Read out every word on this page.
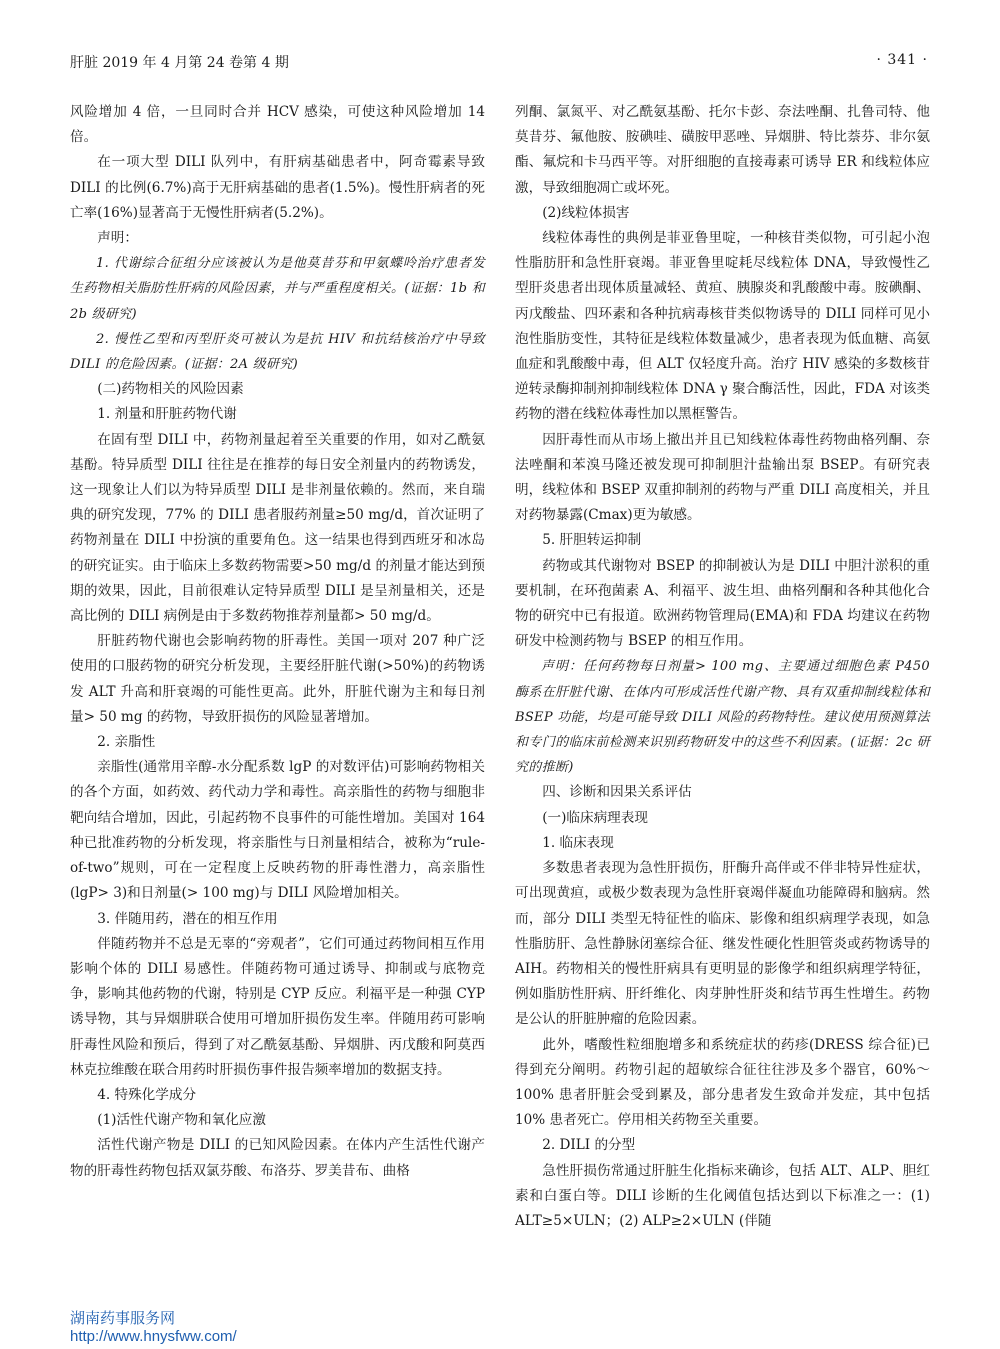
肝脏 2019 年 4 月第 24 卷第 4 期	· 341 ·
风险增加 4 倍，一旦同时合并 HCV 感染，可使这种风险增加 14 倍。
在一项大型 DILI 队列中，有肝病基础患者中，阿奇霉素导致 DILI 的比例(6.7%)高于无肝病基础的患者(1.5%)。慢性肝病者的死亡率(16%)显著高于无慢性肝病者(5.2%)。
声明：
1. 代谢综合征组分应该被认为是他莫昔芬和甲氨蝶呤治疗患者发生药物相关脂肪性肝病的风险因素，并与严重程度相关。(证据：1b 和 2b 级研究)
2. 慢性乙型和丙型肝炎可被认为是抗 HIV 和抗结核治疗中导致 DILI 的危险因素。(证据：2A 级研究)
(二)药物相关的风险因素
1. 剂量和肝脏药物代谢
在固有型 DILI 中，药物剂量起着至关重要的作用，如对乙酰氨基酚。特异质型 DILI 往往是在推荐的每日安全剂量内的药物诱发，这一现象让人们以为特异质型 DILI 是非剂量依赖的。然而，来自瑞典的研究发现，77% 的 DILI 患者服药剂量≥50 mg/d，首次证明了药物剂量在 DILI 中扮演的重要角色。这一结果也得到西班牙和冰岛的研究证实。由于临床上多数药物需要>50 mg/d 的剂量才能达到预期的效果，因此，目前很难认定特异质型 DILI 是呈剂量相关，还是高比例的 DILI 病例是由于多数药物推荐剂量都> 50 mg/d。
肝脏药物代谢也会影响药物的肝毒性。美国一项对 207 种广泛使用的口服药物的研究分析发现，主要经肝脏代谢(>50%)的药物诱发 ALT 升高和肝衰竭的可能性更高。此外，肝脏代谢为主和每日剂量> 50 mg 的药物，导致肝损伤的风险显著增加。
2. 亲脂性
亲脂性(通常用辛醇-水分配系数 lgP 的对数评估)可影响药物相关的各个方面，如药效、药代动力学和毒性。高亲脂性的药物与细胞非靶向结合增加，因此，引起药物不良事件的可能性增加。美国对 164 种已批准药物的分析发现，将亲脂性与日剂量相结合，被称为“rule-of-two”规则，可在一定程度上反映药物的肝毒性潜力，高亲脂性(lgP> 3)和日剂量(> 100 mg)与 DILI 风险增加相关。
3. 伴随用药，潜在的相互作用
伴随药物并不总是无辜的“旁观者”，它们可通过药物间相互作用影响个体的 DILI 易感性。伴随药物可通过诱导、抑制或与底物竞争，影响其他药物的代谢，特别是 CYP 反应。利福平是一种强 CYP 诱导物，其与异烟肼联合使用可增加肝损伤发生率。伴随用药可影响肝毒性风险和预后，得到了对乙酰氨基酚、异烟肼、丙戊酸和阿莫西林克拉维酸在联合用药时肝损伤事件报告频率增加的数据支持。
4. 特殊化学成分
(1)活性代谢产物和氧化应激
活性代谢产物是 DILI 的已知风险因素。在体内产生活性代谢产物的肝毒性药物包括双氯芬酸、布洛芬、罗美昔布、曲格
列酮、氯氮平、对乙酰氨基酚、托尔卡彭、奈法唑酮、扎鲁司特、他莫昔芬、氟他胺、胺碘哇、磺胺甲恶唑、异烟肼、特比萘芬、非尔氨酯、氟烷和卡马西平等。对肝细胞的直接毒素可诱导 ER 和线粒体应激，导致细胞凋亡或坏死。
(2)线粒体损害
线粒体毒性的典例是菲亚鲁里啶，一种核苷类似物，可引起小泡性脂肪肝和急性肝衰竭。菲亚鲁里啶耗尽线粒体 DNA，导致慢性乙型肝炎患者出现体质量减轻、黄疸、胰腺炎和乳酸酸中毒。胺碘酮、丙戊酸盐、四环素和各种抗病毒核苷类似物诱导的 DILI 同样可见小泡性脂肪变性，其特征是线粒体数量减少，患者表现为低血糖、高氨血症和乳酸酸中毒，但 ALT 仅轻度升高。治疗 HIV 感染的多数核苷逆转录酶抑制剂抑制线粒体 DNA γ 聚合酶活性，因此，FDA 对该类药物的潜在线粒体毒性加以黑框警告。
因肝毒性而从市场上撤出并且已知线粒体毒性药物曲格列酮、奈法唑酮和苯溴马隆还被发现可抑制胆汁盐输出泵 BSEP。有研究表明，线粒体和 BSEP 双重抑制剂的药物与严重 DILI 高度相关，并且对药物暴露(Cmax)更为敏感。
5. 肝胆转运抑制
药物或其代谢物对 BSEP 的抑制被认为是 DILI 中胆汁淤积的重要机制，在环孢菌素 A、利福平、波生坦、曲格列酮和各种其他化合物的研究中已有报道。欧洲药物管理局(EMA)和 FDA 均建议在药物研发中检测药物与 BSEP 的相互作用。
声明：任何药物每日剂量> 100 mg、主要通过细胞色素 P450 酶系在肝脏代谢、在体内可形成活性代谢产物、具有双重抑制线粒体和 BSEP 功能，均是可能导致 DILI 风险的药物特性。建议使用预测算法和专门的临床前检测来识别药物研发中的这些不利因素。(证据：2c 研究的推断)
四、诊断和因果关系评估
(一)临床病理表现
1. 临床表现
多数患者表现为急性肝损伤，肝酶升高伴或不伴非特异性症状，可出现黄疸，或极少数表现为急性肝衰竭伴凝血功能障碍和脑病。然而，部分 DILI 类型无特征性的临床、影像和组织病理学表现，如急性脂肪肝、急性静脉闭塞综合征、继发性硬化性胆管炎或药物诱导的 AIH。药物相关的慢性肝病具有更明显的影像学和组织病理学特征，例如脂肪性肝病、肝纤维化、肉芽肿性肝炎和结节再生性增生。药物是公认的肝脏肿瘤的危险因素。
此外，嗜酸性粒细胞增多和系统症状的药疹(DRESS 综合征)已得到充分阐明。药物引起的超敏综合征往往涉及多个器官，60%～100% 患者肝脏会受到累及，部分患者发生致命并发症，其中包括 10% 患者死亡。停用相关药物至关重要。
2. DILI 的分型
急性肝损伤常通过肝脏生化指标来确诊，包括 ALT、ALP、胆红素和白蛋白等。DILI 诊断的生化阈值包括达到以下标准之一：(1) ALT≥5×ULN；(2) ALP≥2×ULN (伴随
湖南药事服务网
http://www.hnysfww.com/
